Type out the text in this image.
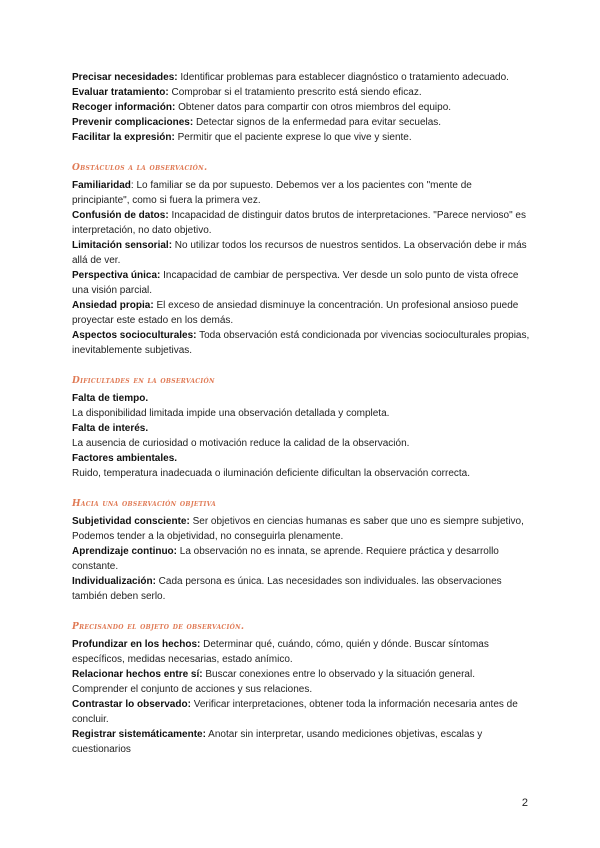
Precisar necesidades: Identificar problemas para establecer diagnóstico o tratamiento adecuado.

Evaluar tratamiento: Comprobar si el tratamiento prescrito está siendo eficaz.

Recoger información: Obtener datos para compartir con otros miembros del equipo.

Prevenir complicaciones: Detectar signos de la enfermedad para evitar secuelas.

Facilitar la expresión: Permitir que el paciente exprese lo que vive y siente.

Obstáculos a la observación.

Familiaridad: Lo familiar se da por supuesto. Debemos ver a los pacientes con "mente de principiante", como si fuera la primera vez.

Confusión de datos: Incapacidad de distinguir datos brutos de interpretaciones. "Parece nervioso" es interpretación, no dato objetivo.

Limitación sensorial: No utilizar todos los recursos de nuestros sentidos. La observación debe ir más allá de ver.

Perspectiva única: Incapacidad de cambiar de perspectiva. Ver desde un solo punto de vista ofrece una visión parcial.

Ansiedad propia: El exceso de ansiedad disminuye la concentración. Un profesional ansioso puede proyectar este estado en los demás.

Aspectos socioculturales: Toda observación está condicionada por vivencias socioculturales propias, inevitablemente subjetivas.

Dificultades en la observación

Falta de tiempo.

La disponibilidad limitada impide una observación detallada y completa.

Falta de interés.

La ausencia de curiosidad o motivación reduce la calidad de la observación.

Factores ambientales.

Ruido, temperatura inadecuada o iluminación deficiente dificultan la observación correcta.

Hacia una observación objetiva

Subjetividad consciente: Ser objetivos en ciencias humanas es saber que uno es siempre subjetivo, Podemos tender a la objetividad, no conseguirla plenamente.

Aprendizaje continuo: La observación no es innata, se aprende. Requiere práctica y desarrollo constante.

Individualización: Cada persona es única. Las necesidades son individuales. las observaciones también deben serlo.

Precisando el objeto de observación.

Profundizar en los hechos: Determinar qué, cuándo, cómo, quién y dónde. Buscar síntomas específicos, medidas necesarias, estado anímico.

Relacionar hechos entre sí: Buscar conexiones entre lo observado y la situación general. Comprender el conjunto de acciones y sus relaciones.

Contrastar lo observado: Verificar interpretaciones, obtener toda la información necesaria antes de concluir.

Registrar sistemáticamente: Anotar sin interpretar, usando mediciones objetivas, escalas y cuestionarios

2
